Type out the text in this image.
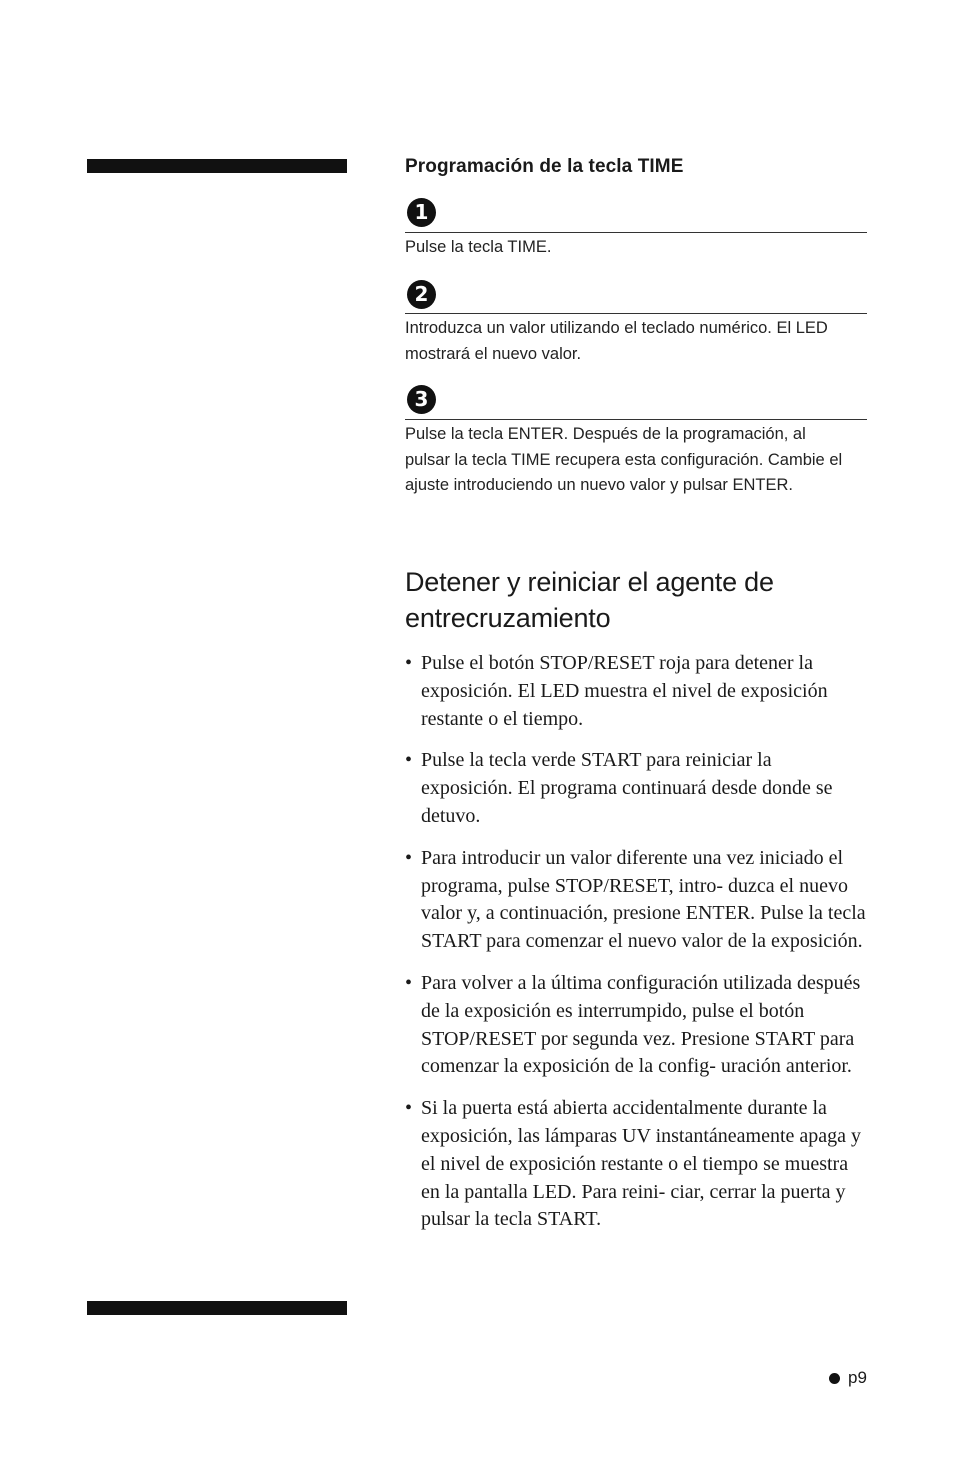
Programación de la tecla TIME
1
Pulse la tecla TIME.
2
Introduzca un valor utilizando el teclado numérico. El LED mostrará el nuevo valor.
3
Pulse la tecla ENTER. Después de la programación, al pulsar la tecla TIME recupera esta configuración. Cambie el ajuste introduciendo un nuevo valor y pulsar ENTER.
Detener y reiniciar el agente de entrecruzamiento
• Pulse el botón STOP/RESET roja para detener la exposición. El LED muestra el nivel de exposición restante o el tiempo.
• Pulse la tecla verde START para reiniciar la exposición. El programa continuará desde donde se detuvo.
• Para introducir un valor diferente una vez iniciado el programa, pulse STOP/RESET, intro- duzca el nuevo valor y, a continuación, presione ENTER. Pulse la tecla START para comenzar el nuevo valor de la exposición.
• Para volver a la última configuración utilizada después de la exposición es interrumpido, pulse el botón STOP/RESET por segunda vez. Presione START para comenzar la exposición de la config- uración anterior.
• Si la puerta está abierta accidentalmente durante la exposición, las lámparas UV instantáneamente apaga y el nivel de exposición restante o el tiempo se muestra en la pantalla LED. Para reini- ciar, cerrar la puerta y pulsar la tecla START.
p9
